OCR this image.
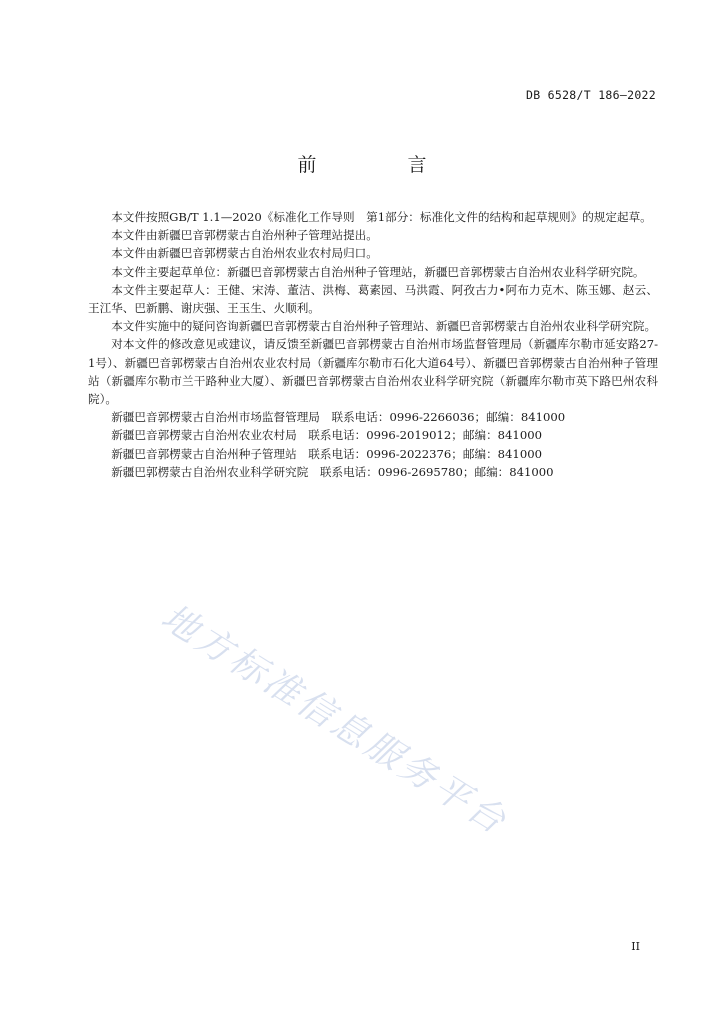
DB 6528/T 186—2022
前　言

本文件按照GB/T 1.1—2020《标准化工作导则　第1部分：标准化文件的结构和起草规则》的规定起草。

本文件由新疆巴音郭楞蒙古自治州种子管理站提出。

本文件由新疆巴音郭楞蒙古自治州农业农村局归口。

本文件主要起草单位：新疆巴音郭楞蒙古自治州种子管理站，新疆巴音郭楞蒙古自治州农业科学研究院。

本文件主要起草人：王健、宋涛、董洁、洪梅、葛素园、马洪霞、阿孜古力•阿布力克木、陈玉娜、赵云、王江华、巴新鹏、谢庆强、王玉生、火顺利。

本文件实施中的疑问咨询新疆巴音郭楞蒙古自治州种子管理站、新疆巴音郭楞蒙古自治州农业科学研究院。

对本文件的修改意见或建议，请反馈至新疆巴音郭楞蒙古自治州市场监督管理局（新疆库尔勒市延安路27-1号）、新疆巴音郭楞蒙古自治州农业农村局（新疆库尔勒市石化大道64号）、新疆巴音郭楞蒙古自治州种子管理站（新疆库尔勒市兰干路种业大厦）、新疆巴音郭楞蒙古自治州农业科学研究院（新疆库尔勒市英下路巴州农科院）。

新疆巴音郭楞蒙古自治州市场监督管理局　联系电话：0996-2266036；邮编：841000

新疆巴音郭楞蒙古自治州农业农村局　联系电话：0996-2019012；邮编：841000

新疆巴音郭楞蒙古自治州种子管理站　联系电话：0996-2022376；邮编：841000

新疆巴郭楞蒙古自治州农业科学研究院　联系电话：0996-2695780；邮编：841000

地方标准信息服务平台
II
